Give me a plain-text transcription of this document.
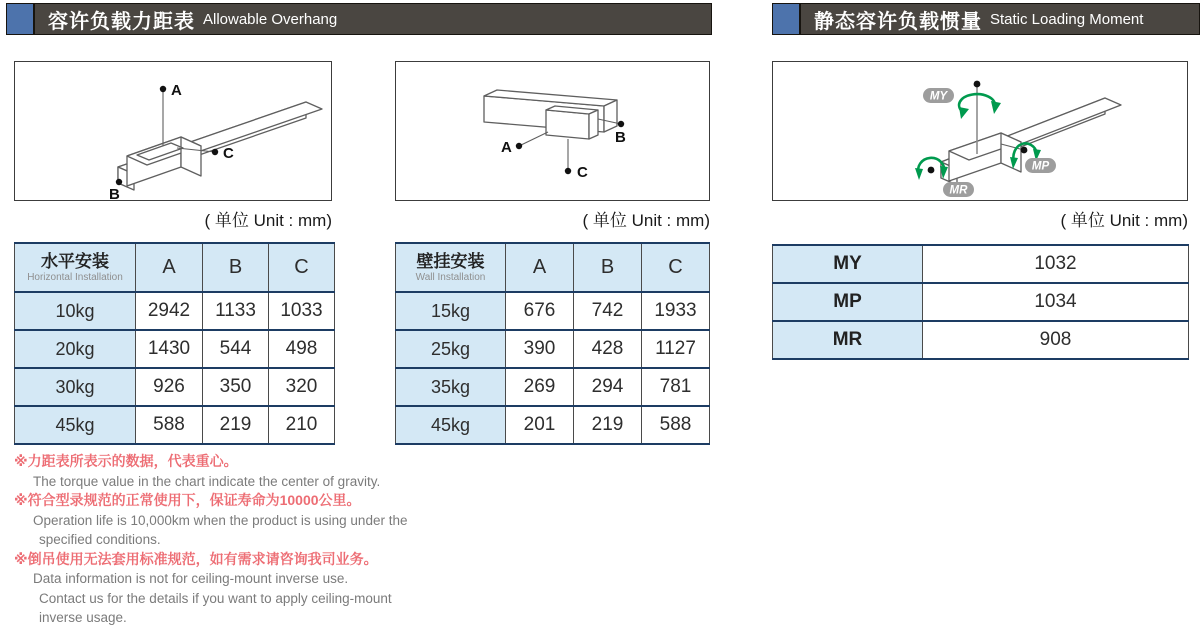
容许负载力距表 Allowable Overhang	静态容许负载惯量 Static Loading Moment
A
C
B
( 单位 Unit : mm)
A
C
B
( 单位 Unit : mm)
MY
MP
MR
( 单位 Unit : mm)
水平安装
Horizontal Installation	A	B	C
10kg	2942	1133	1033
20kg	1430	544	498
30kg	926	350	320
45kg	588	219	210
壁挂安装
Wall Installation	A	B	C
15kg	676	742	1933
25kg	390	428	1127
35kg	269	294	781
45kg	201	219	588
MY	1032
MP	1034
MR	908
※力距表所表示的数据，代表重心。
The torque value in the chart indicate the center of gravity.
※符合型录规范的正常使用下，保证寿命为10000公里。
Operation life is 10,000km when the product is using under the
specified conditions.
※倒吊使用无法套用标准规范，如有需求请咨询我司业务。
Data information is not for ceiling-mount inverse use.
Contact us for the details if you want to apply ceiling-mount
inverse usage.
